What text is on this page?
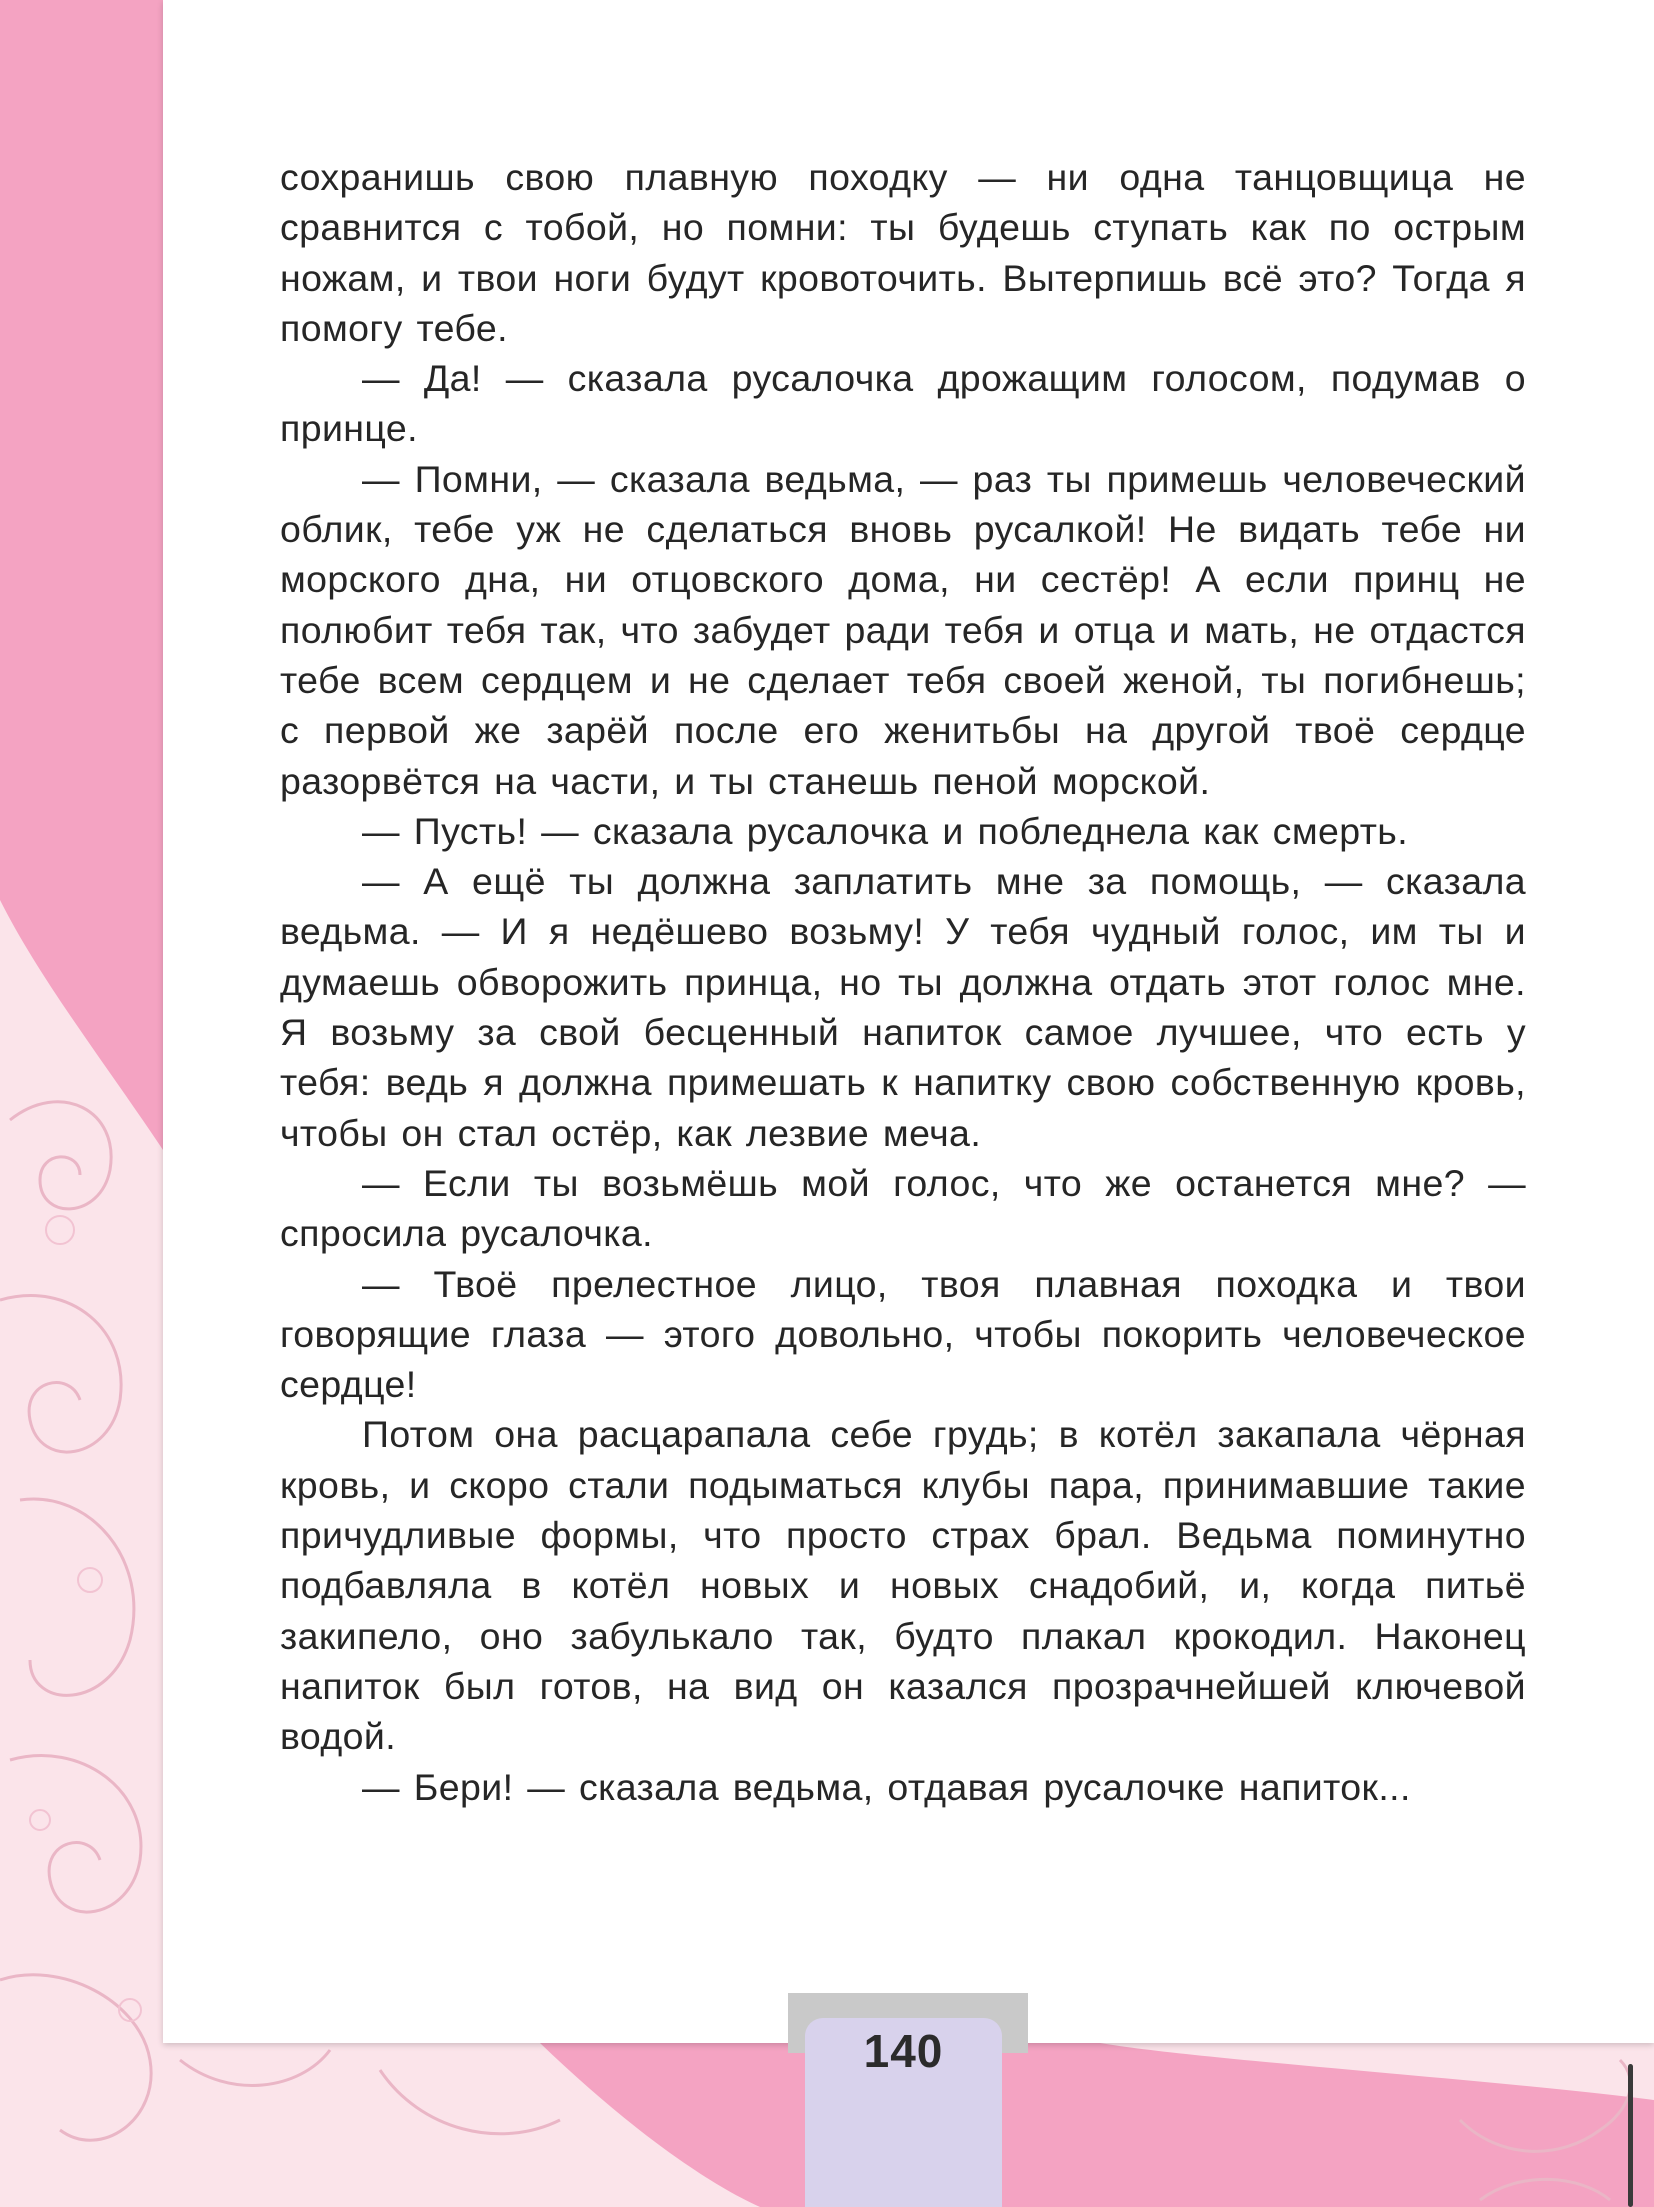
сохранишь свою плавную походку — ни одна танцовщица не сравнится с тобой, но помни: ты будешь ступать как по острым ножам, и твои ноги будут кровоточить. Вытерпишь всё это? Тогда я помогу тебе.

— Да! — сказала русалочка дрожащим голосом, подумав о принце.

— Помни, — сказала ведьма, — раз ты примешь человеческий облик, тебе уж не сделаться вновь русалкой! Не видать тебе ни морского дна, ни отцовского дома, ни сестёр! А если принц не полюбит тебя так, что забудет ради тебя и отца и мать, не отдастся тебе всем сердцем и не сделает тебя своей женой, ты погибнешь; с первой же зарёй после его женитьбы на другой твоё сердце разорвётся на части, и ты станешь пеной морской.

— Пусть! — сказала русалочка и побледнела как смерть.

— А ещё ты должна заплатить мне за помощь, — сказала ведьма. — И я недёшево возьму! У тебя чудный голос, им ты и думаешь обворожить принца, но ты должна отдать этот голос мне. Я возьму за свой бесценный напиток самое лучшее, что есть у тебя: ведь я должна примешать к напитку свою собственную кровь, чтобы он стал остёр, как лезвие меча.

— Если ты возьмёшь мой голос, что же останется мне? — спросила русалочка.

— Твоё прелестное лицо, твоя плавная походка и твои говорящие глаза — этого довольно, чтобы покорить человеческое сердце!

Потом она расцарапала себе грудь; в котёл закапала чёрная кровь, и скоро стали подыматься клубы пара, принимавшие такие причудливые формы, что просто страх брал. Ведьма поминутно подбавляла в котёл новых и новых снадобий, и, когда питьё закипело, оно забулькало так, будто плакал крокодил. Наконец напиток был готов, на вид он казался прозрачнейшей ключевой водой.

— Бери! — сказала ведьма, отдавая русалочке напиток...

140
